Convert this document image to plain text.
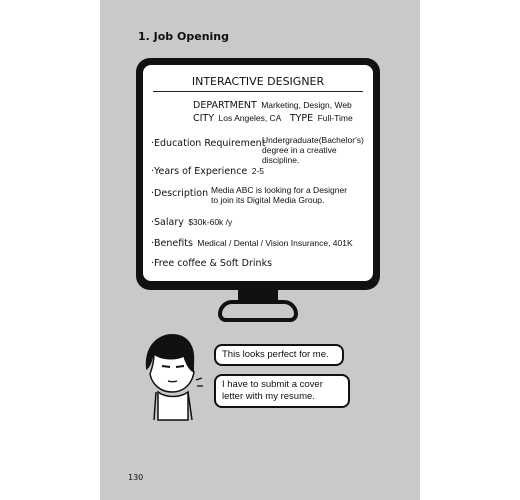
1. Job Opening
INTERACTIVE DESIGNER
DEPARTMENT Marketing, Design, Web
CITY Los Angeles, CA TYPE Full-Time
·Education Requirement
Undergraduate(Bachelor's) degree in a creative discipline.
·Years of Experience 2-5
·Description Media ABC is looking for a Designer to join its Digital Media Group.
·Salary $30k-60k /y
·Benefits Medical / Dental / Vision Insurance, 401K
·Free coffee & Soft Drinks
This looks perfect for me.
I have to submit a cover letter with my resume.
130
